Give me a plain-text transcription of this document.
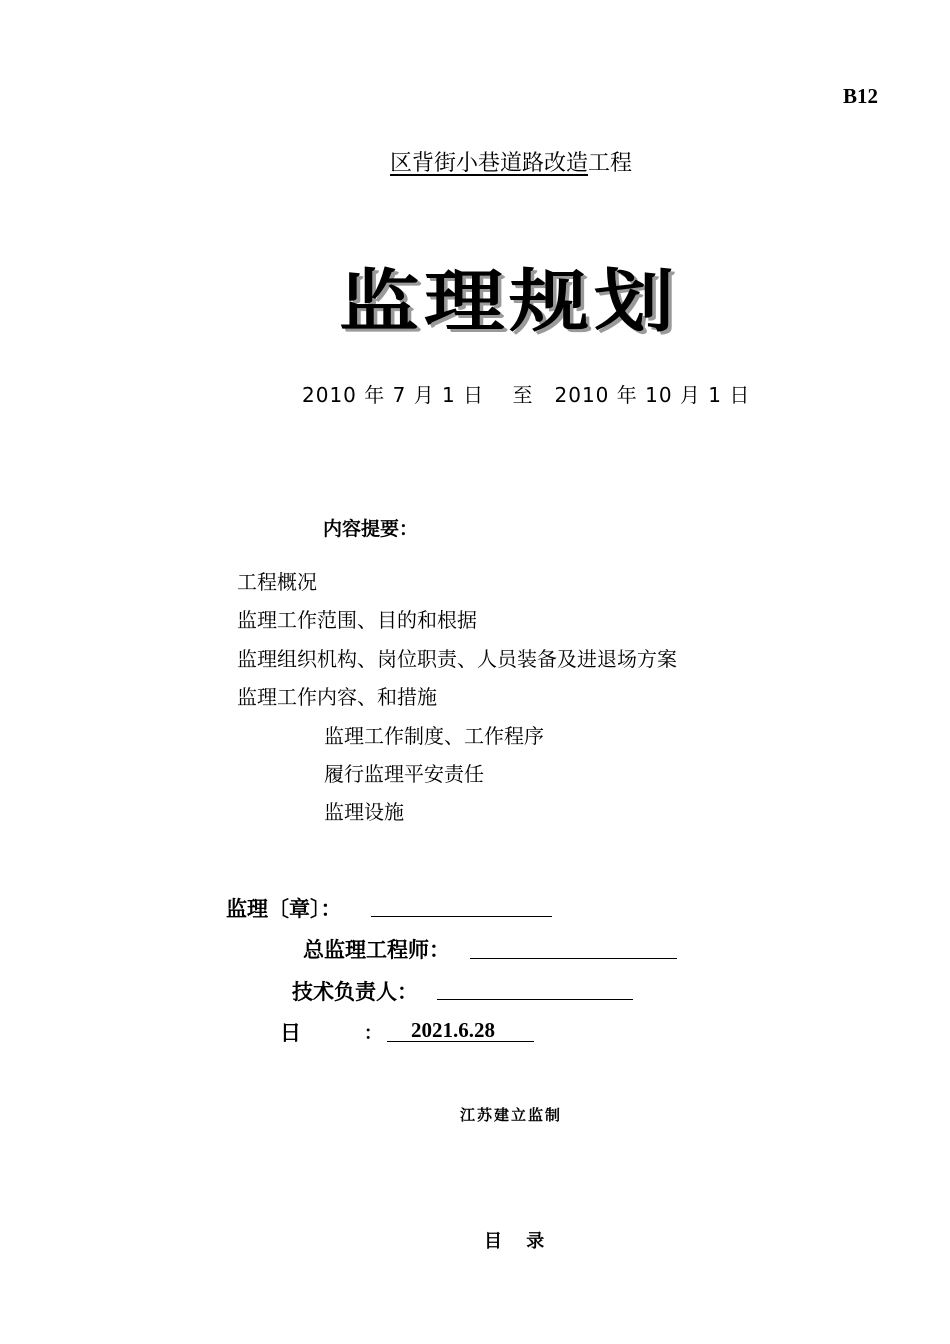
B12
区背街小巷道路改造工程
监理规划
2010 年 7 月 1 日　 至　2010 年 10 月 1 日
内容提要：
工程概况
监理工作范围、目的和根据
监理组织机构、岗位职责、人员装备及进退场方案
监理工作内容、和措施
监理工作制度、工作程序
履行监理平安责任
监理设施
监理〔章〕：
总监理工程师：
技术负责人：
日	： 2021.6.28
江苏建立监制
目 录
